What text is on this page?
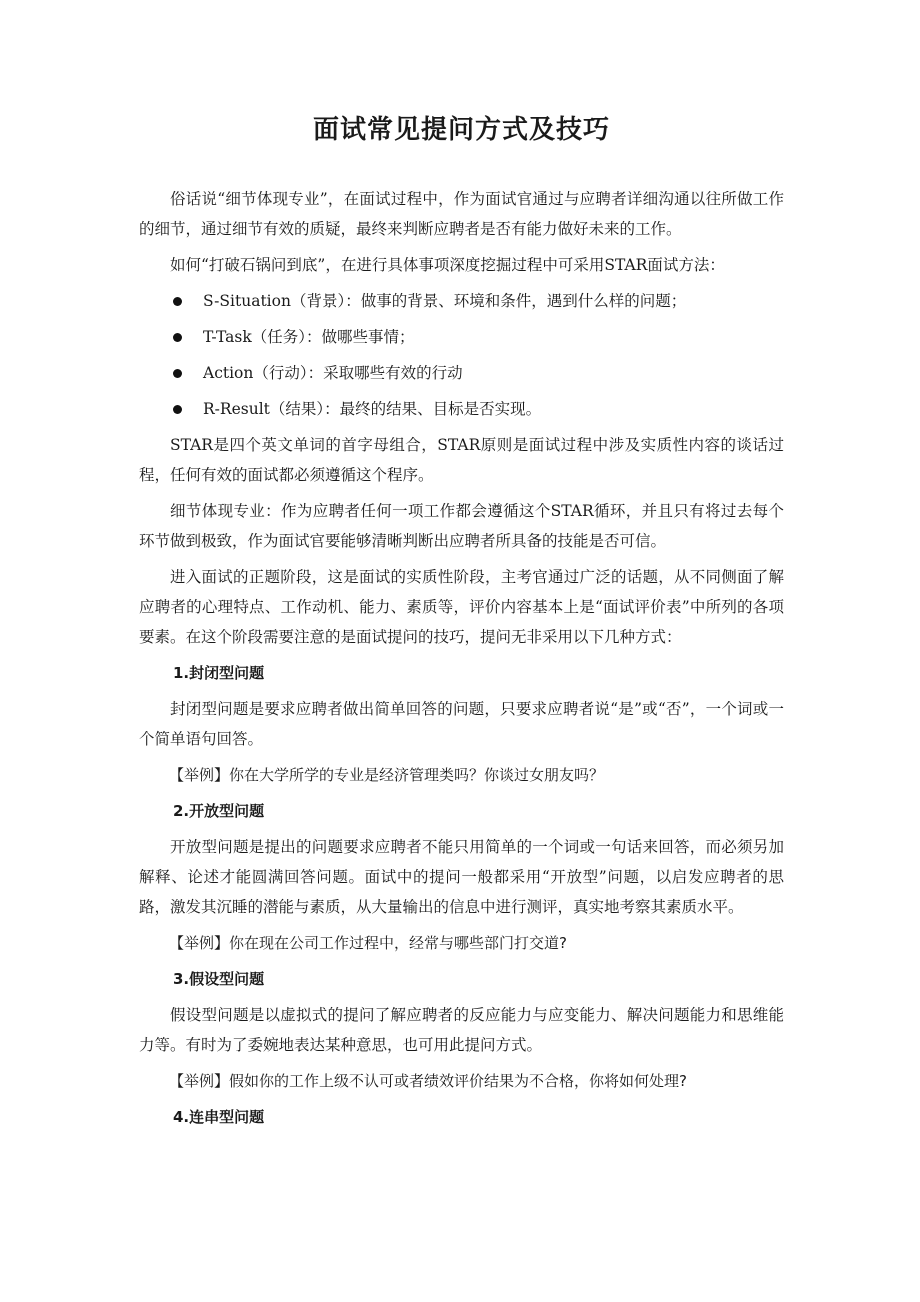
面试常见提问方式及技巧

俗话说“细节体现专业”，在面试过程中，作为面试官通过与应聘者详细沟通以往所做工作的细节，通过细节有效的质疑，最终来判断应聘者是否有能力做好未来的工作。

如何“打破石锅问到底”，在进行具体事项深度挖掘过程中可采用STAR面试方法：

S-Situation（背景）：做事的背景、环境和条件，遇到什么样的问题；
T-Task（任务）：做哪些事情；
Action（行动）：采取哪些有效的行动
R-Result（结果）：最终的结果、目标是否实现。

STAR是四个英文单词的首字母组合，STAR原则是面试过程中涉及实质性内容的谈话过程，任何有效的面试都必须遵循这个程序。

细节体现专业：作为应聘者任何一项工作都会遵循这个STAR循环，并且只有将过去每个环节做到极致，作为面试官要能够清晰判断出应聘者所具备的技能是否可信。

进入面试的正题阶段，这是面试的实质性阶段，主考官通过广泛的话题，从不同侧面了解应聘者的心理特点、工作动机、能力、素质等，评价内容基本上是“面试评价表”中所列的各项要素。在这个阶段需要注意的是面试提问的技巧，提问无非采用以下几种方式：

1.封闭型问题

封闭型问题是要求应聘者做出简单回答的问题，只要求应聘者说“是”或“否”，一个词或一个简单语句回答。

【举例】你在大学所学的专业是经济管理类吗？你谈过女朋友吗？

2.开放型问题

开放型问题是提出的问题要求应聘者不能只用简单的一个词或一句话来回答，而必须另加解释、论述才能圆满回答问题。面试中的提问一般都采用“开放型”问题，以启发应聘者的思路，激发其沉睡的潜能与素质，从大量输出的信息中进行测评，真实地考察其素质水平。

【举例】你在现在公司工作过程中，经常与哪些部门打交道?

3.假设型问题

假设型问题是以虚拟式的提问了解应聘者的反应能力与应变能力、解决问题能力和思维能力等。有时为了委婉地表达某种意思，也可用此提问方式。

【举例】假如你的工作上级不认可或者绩效评价结果为不合格，你将如何处理?

4.连串型问题
